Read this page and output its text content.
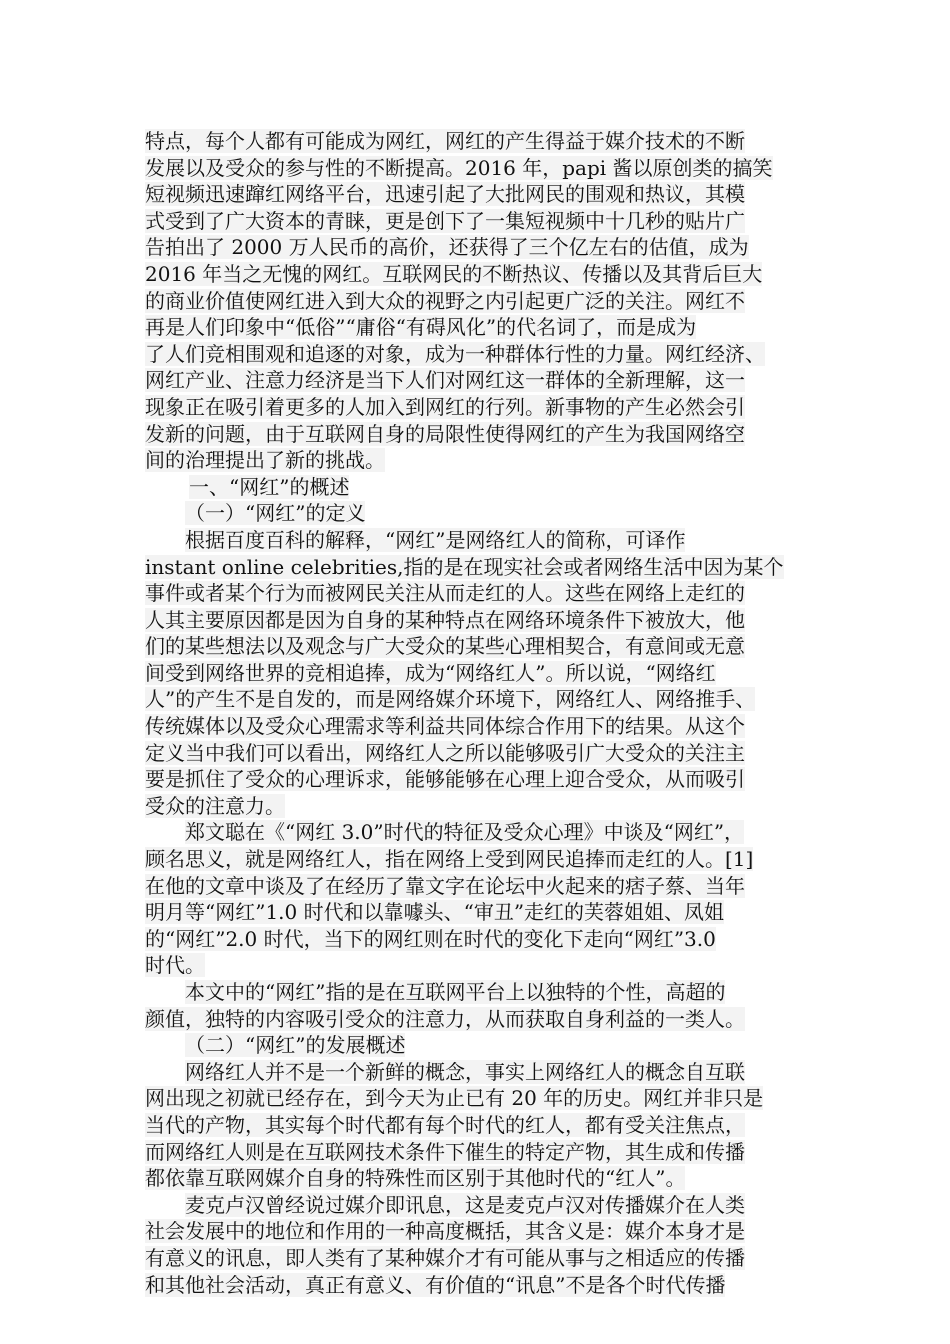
特点，每个人都有可能成为网红，网红的产生得益于媒介技术的不断
发展以及受众的参与性的不断提高。2016 年，papi 酱以原创类的搞笑
短视频迅速蹿红网络平台，迅速引起了大批网民的围观和热议，其模
式受到了广大资本的青睐，更是创下了一集短视频中十几秒的贴片广
告拍出了 2000 万人民币的高价，还获得了三个亿左右的估值，成为
2016 年当之无愧的网红。互联网民的不断热议、传播以及其背后巨大
的商业价值使网红进入到大众的视野之内引起更广泛的关注。网红不
再是人们印象中“低俗”“庸俗“有碍风化”的代名词了，而是成为
了人们竞相围观和追逐的对象，成为一种群体行性的力量。网红经济、
网红产业、注意力经济是当下人们对网红这一群体的全新理解，这一
现象正在吸引着更多的人加入到网红的行列。新事物的产生必然会引
发新的问题，由于互联网自身的局限性使得网红的产生为我国网络空
间的治理提出了新的挑战。
一、“网红”的概述
（一）“网红”的定义
根据百度百科的解释，“网红”是网络红人的简称，可译作
instant online celebrities,指的是在现实社会或者网络生活中因为某个
事件或者某个行为而被网民关注从而走红的人。这些在网络上走红的
人其主要原因都是因为自身的某种特点在网络环境条件下被放大，他
们的某些想法以及观念与广大受众的某些心理相契合，有意间或无意
间受到网络世界的竞相追捧，成为“网络红人”。所以说，“网络红
人”的产生不是自发的，而是网络媒介环境下，网络红人、网络推手、
传统媒体以及受众心理需求等利益共同体综合作用下的结果。从这个
定义当中我们可以看出，网络红人之所以能够吸引广大受众的关注主
要是抓住了受众的心理诉求，能够能够在心理上迎合受众，从而吸引
受众的注意力。
郑文聪在《“网红 3.0”时代的特征及受众心理》中谈及“网红”，
顾名思义，就是网络红人，指在网络上受到网民追捧而走红的人。[1]
在他的文章中谈及了在经历了靠文字在论坛中火起来的痞子蔡、当年
明月等“网红”1.0 时代和以靠噱头、“审丑”走红的芙蓉姐姐、凤姐
的“网红”2.0 时代，当下的网红则在时代的变化下走向“网红”3.0
时代。
本文中的“网红”指的是在互联网平台上以独特的个性，高超的
颜值，独特的内容吸引受众的注意力，从而获取自身利益的一类人。
（二）“网红”的发展概述
网络红人并不是一个新鲜的概念，事实上网络红人的概念自互联
网出现之初就已经存在，到今天为止已有 20 年的历史。网红并非只是
当代的产物，其实每个时代都有每个时代的红人，都有受关注焦点，
而网络红人则是在互联网技术条件下催生的特定产物，其生成和传播
都依靠互联网媒介自身的特殊性而区别于其他时代的“红人”。
麦克卢汉曾经说过媒介即讯息，这是麦克卢汉对传播媒介在人类
社会发展中的地位和作用的一种高度概括，其含义是：媒介本身才是
有意义的讯息，即人类有了某种媒介才有可能从事与之相适应的传播
和其他社会活动，真正有意义、有价值的“讯息”不是各个时代传播
